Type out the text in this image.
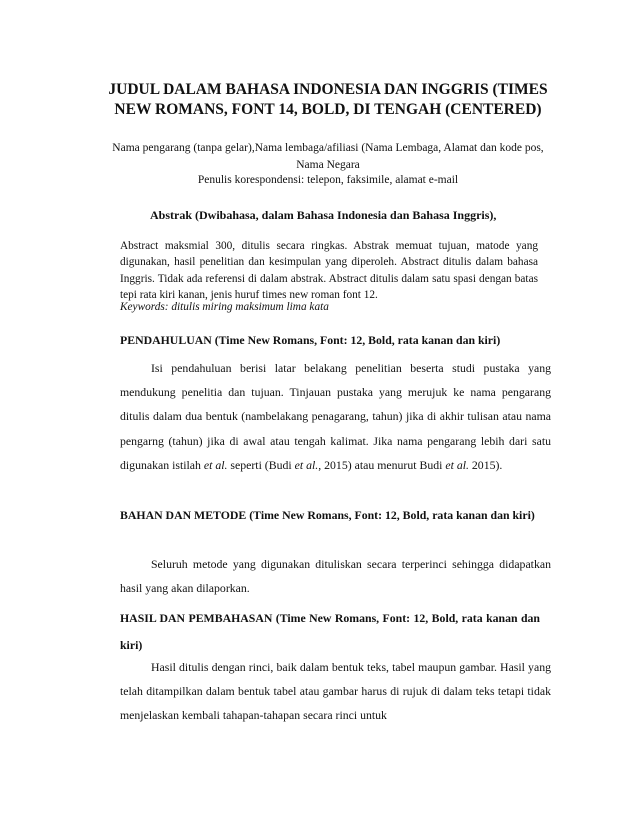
JUDUL DALAM BAHASA INDONESIA DAN INGGRIS (TIMES NEW ROMANS, FONT 14, BOLD, DI TENGAH (CENTERED)
Nama pengarang (tanpa gelar),Nama lembaga/afiliasi (Nama Lembaga, Alamat dan kode pos, Nama Negara
Penulis korespondensi: telepon, faksimile, alamat e-mail
Abstrak (Dwibahasa, dalam Bahasa Indonesia dan Bahasa Inggris),
Abstract maksmial 300, ditulis secara ringkas. Abstrak memuat tujuan, matode yang digunakan, hasil penelitian dan kesimpulan yang diperoleh. Abstract ditulis dalam bahasa Inggris. Tidak ada referensi di dalam abstrak. Abstract ditulis dalam satu spasi dengan batas tepi rata kiri kanan, jenis huruf times new roman font 12.
Keywords: ditulis miring maksimum lima kata
PENDAHULUAN (Time New Romans, Font: 12, Bold, rata kanan dan kiri)
Isi pendahuluan berisi latar belakang penelitian beserta studi pustaka yang mendukung penelitia dan tujuan. Tinjauan pustaka yang merujuk ke nama pengarang ditulis dalam dua bentuk (nambelakang penagarang, tahun) jika di akhir tulisan atau nama pengarng (tahun) jika di awal atau tengah kalimat. Jika nama pengarang lebih dari satu digunakan istilah et al. seperti (Budi et al., 2015) atau menurut Budi et al. 2015).
BAHAN DAN METODE (Time New Romans, Font: 12, Bold, rata kanan dan kiri)
Seluruh metode yang digunakan dituliskan secara terperinci sehingga didapatkan hasil yang akan dilaporkan.
HASIL DAN PEMBAHASAN (Time New Romans, Font: 12, Bold, rata kanan dan kiri)
Hasil ditulis dengan rinci, baik dalam bentuk teks, tabel maupun gambar. Hasil yang telah ditampilkan dalam bentuk tabel atau gambar harus di rujuk di dalam teks tetapi tidak menjelaskan kembali tahapan-tahapan secara rinci untuk
